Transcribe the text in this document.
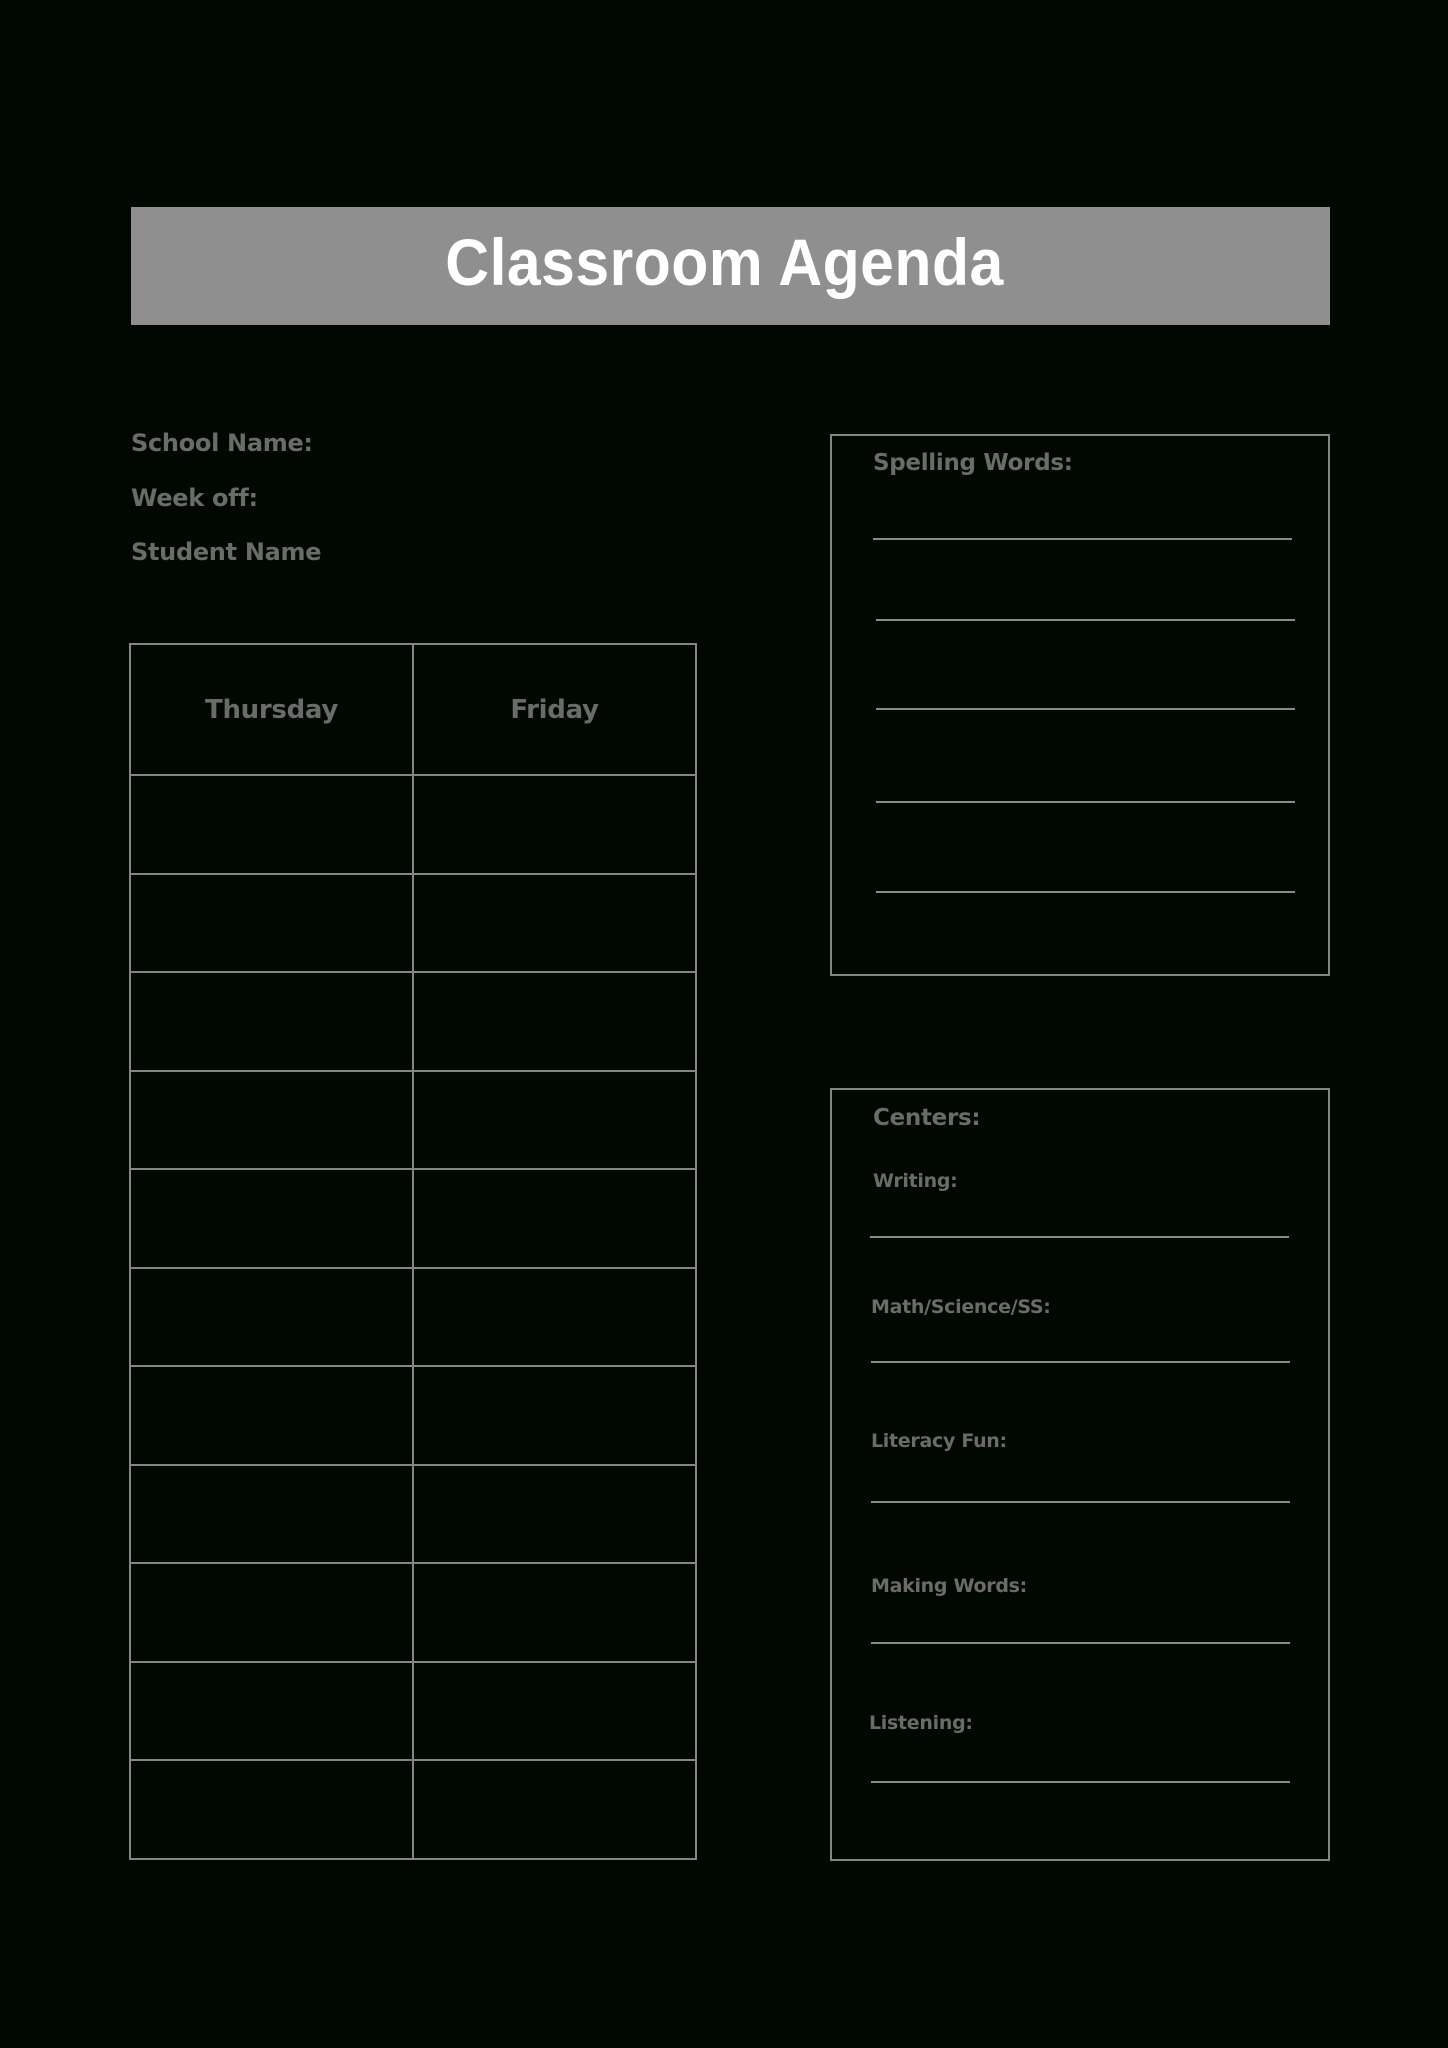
Classroom Agenda
School Name:
Week off:
Student Name
Thursday	Friday

Spelling Words:
Centers:
Writing:
Math/Science/SS:
Literacy Fun:
Making Words:
Listening:
